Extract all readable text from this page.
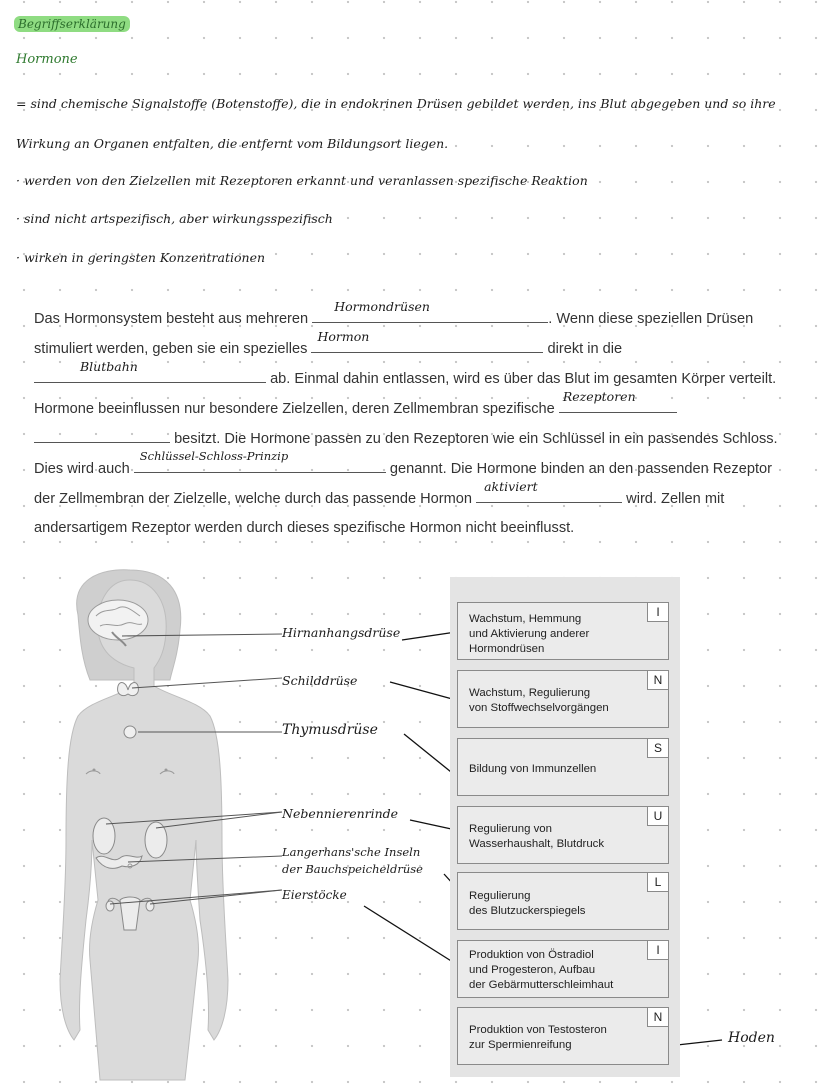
Begriffserklärung
Hormone
= sind chemische Signalstoffe (Botenstoffe), die in endokrinen Drüsen gebildet werden, ins Blut abgegeben und so ihre
Wirkung an Organen entfalten, die entfernt vom Bildungsort liegen.
· werden von den Zielzellen mit Rezeptoren erkannt und veranlassen spezifische Reaktion
· sind nicht artspezifisch, aber wirkungsspezifisch
· wirken in geringsten Konzentrationen
Das Hormonsystem besteht aus mehreren
Hormondrüsen
. Wenn diese speziellen Drüsen stimuliert werden, geben sie ein spezielles
Hormon
direkt in die
Blutbahn
ab. Einmal dahin entlassen, wird es über das Blut im gesamten Körper verteilt. Hormone beeinflussen nur besondere Zielzellen, deren Zellmembran spezifische
Rezeptoren
besitzt. Die Hormone passen zu den Rezeptoren wie ein Schlüssel in ein passendes Schloss. Dies wird auch
Schlüssel-Schloss-Prinzip
genannt. Die Hormone binden an den passenden Rezeptor der Zellmembran der Zielzelle, welche durch das passende Hormon
aktiviert
wird. Zellen mit andersartigem Rezeptor werden durch dieses spezifische Hormon nicht beeinflusst.
Hirnanhangsdrüse
Schilddrüse
Thymusdrüse
Nebennierenrinde
Langerhans'sche Inseln
der Bauchspeicheldrüse
Eierstöcke
Hoden
Wachstum, Hemmung
und Aktivierung anderer
Hormondrüsen
I
Wachstum, Regulierung
von Stoffwechselvorgängen
N
Bildung von Immunzellen
S
Regulierung von
Wasserhaushalt, Blutdruck
U
Regulierung
des Blutzuckerspiegels
L
Produktion von Östradiol
und Progesteron, Aufbau
der Gebärmutterschleimhaut
I
Produktion von Testosteron
zur Spermienreifung
N
